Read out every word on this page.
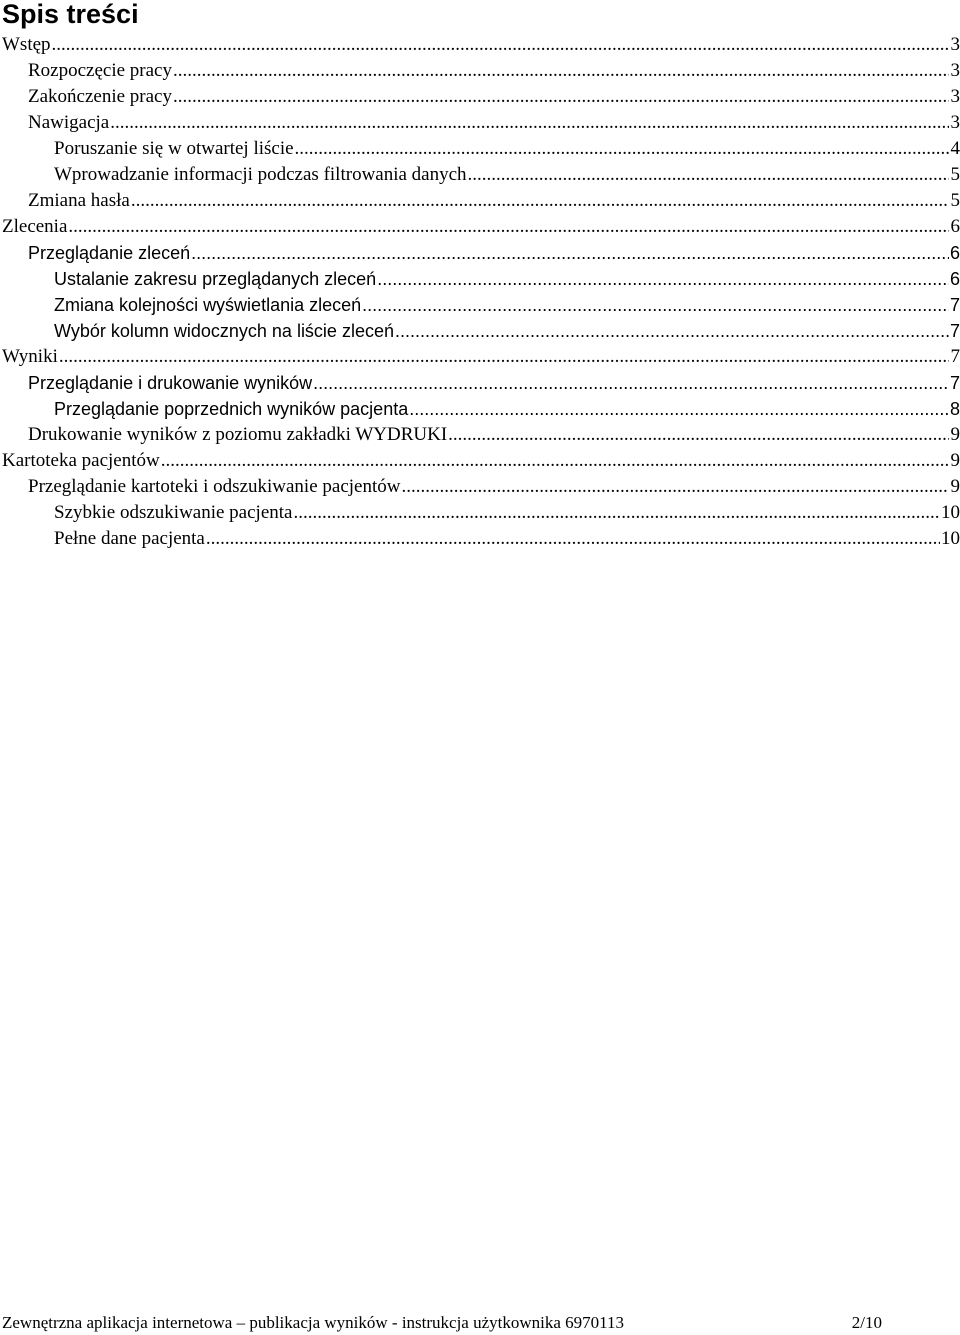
Spis treści
Wstęp .....	3
Rozpoczęcie pracy .....	3
Zakończenie pracy .....	3
Nawigacja .....	3
Poruszanie się w otwartej liście .....	4
Wprowadzanie informacji podczas filtrowania danych .....	5
Zmiana hasła .....	5
Zlecenia .....	6
Przeglądanie zleceń .....	6
Ustalanie zakresu przeglądanych zleceń .....	6
Zmiana kolejności wyświetlania zleceń .....	7
Wybór kolumn widocznych na liście zleceń .....	7
Wyniki .....	7
Przeglądanie i drukowanie wyników .....	7
Przeglądanie poprzednich wyników pacjenta .....	8
Drukowanie wyników z poziomu zakładki WYDRUKI .....	9
Kartoteka pacjentów .....	9
Przeglądanie kartoteki i odszukiwanie pacjentów .....	9
Szybkie odszukiwanie pacjenta .....	10
Pełne dane pacjenta .....	10
Zewnętrzna aplikacja internetowa – publikacja wyników - instrukcja użytkownika 6970113	2/10
